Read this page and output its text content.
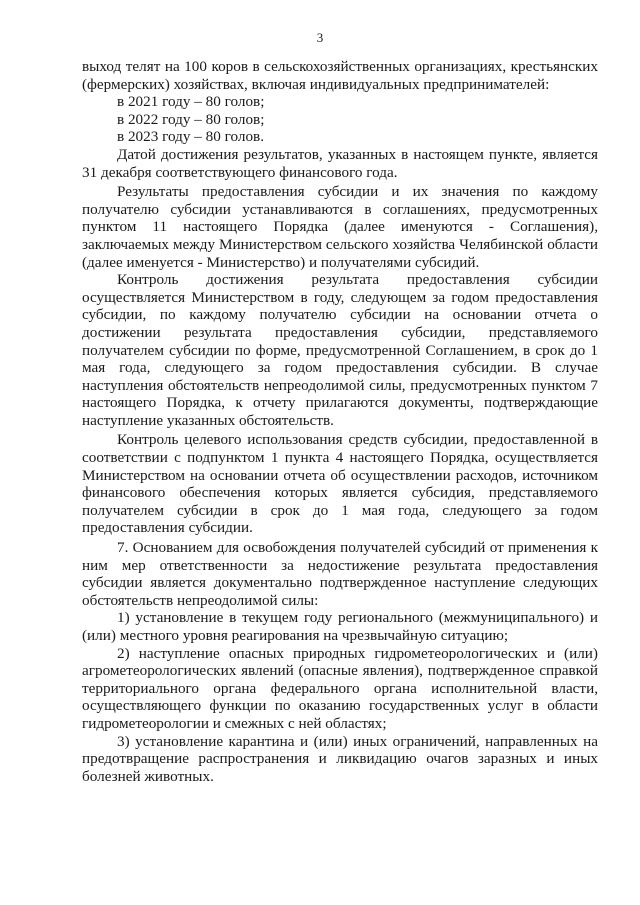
3

выход телят на 100 коров в сельскохозяйственных организациях, крестьянских (фермерских) хозяйствах, включая индивидуальных предпринимателей:

в 2021 году – 80 голов;

в 2022 году – 80 голов;

в 2023 году – 80 голов.

Датой достижения результатов, указанных в настоящем пункте, является 31 декабря соответствующего финансового года.

Результаты предоставления субсидии и их значения по каждому получателю субсидии устанавливаются в соглашениях, предусмотренных пунктом 11 настоящего Порядка (далее именуются - Соглашения), заключаемых между Министерством сельского хозяйства Челябинской области (далее именуется - Министерство) и получателями субсидий.

Контроль достижения результата предоставления субсидии осуществляется Министерством в году, следующем за годом предоставления субсидии, по каждому получателю субсидии на основании отчета о достижении результата предоставления субсидии, представляемого получателем субсидии по форме, предусмотренной Соглашением, в срок до 1 мая года, следующего за годом предоставления субсидии. В случае наступления обстоятельств непреодолимой силы, предусмотренных пунктом 7 настоящего Порядка, к отчету прилагаются документы, подтверждающие наступление указанных обстоятельств.

Контроль целевого использования средств субсидии, предоставленной в соответствии с подпунктом 1 пункта 4 настоящего Порядка, осуществляется Министерством на основании отчета об осуществлении расходов, источником финансового обеспечения которых является субсидия, представляемого получателем субсидии в срок до 1 мая года, следующего за годом предоставления субсидии.

7. Основанием для освобождения получателей субсидий от применения к ним мер ответственности за недостижение результата предоставления субсидии является документально подтвержденное наступление следующих обстоятельств непреодолимой силы:

1) установление в текущем году регионального (межмуниципального) и (или) местного уровня реагирования на чрезвычайную ситуацию;

2) наступление опасных природных гидрометеорологических и (или) агрометеорологических явлений (опасные явления), подтвержденное справкой территориального органа федерального органа исполнительной власти, осуществляющего функции по оказанию государственных услуг в области гидрометеорологии и смежных с ней областях;

3) установление карантина и (или) иных ограничений, направленных на предотвращение распространения и ликвидацию очагов заразных и иных болезней животных.
